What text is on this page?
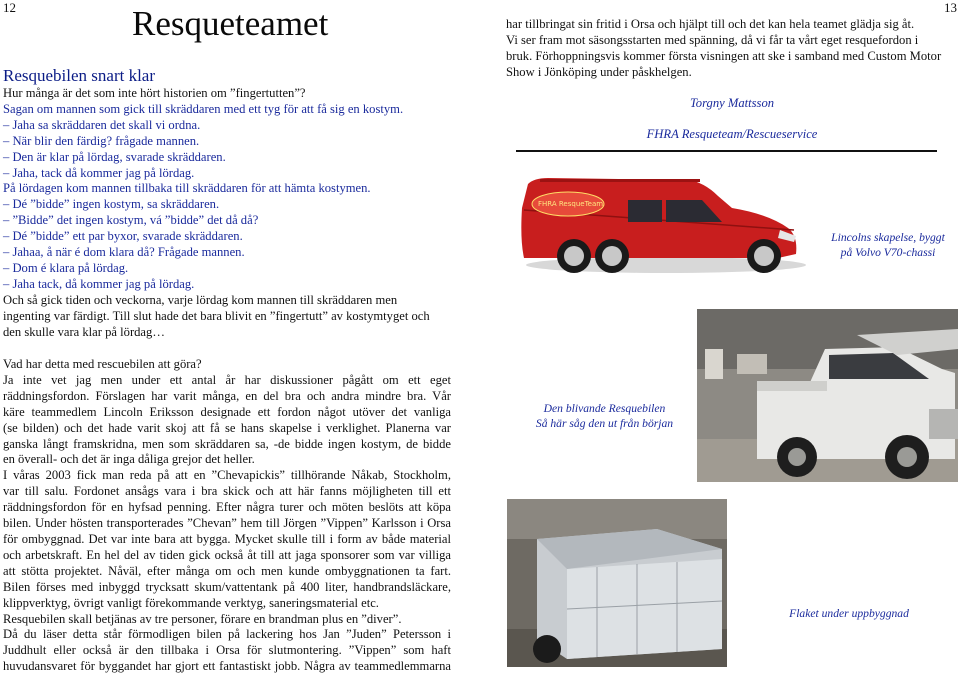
12	13
Resqueteamet
Resquebilen snart klar
Hur många är det som inte hört historien om ”fingertutten”?
Sagan om mannen som gick till skräddaren med ett tyg för att få sig en kostym.
– Jaha sa skräddaren det skall vi ordna.
– När blir den färdig? frågade mannen.
– Den är klar på lördag, svarade skräddaren.
– Jaha, tack då kommer jag på lördag.
På lördagen kom mannen tillbaka till skräddaren för att hämta kostymen.
– Dé ”bidde” ingen kostym, sa skräddaren.
– ”Bidde” det ingen kostym, vá ”bidde” det då då?
– Dé ”bidde” ett par byxor, svarade skräddaren.
– Jahaa, å när é dom klara då? Frågade mannen.
– Dom é klara på lördag.
– Jaha tack, då kommer jag på lördag.
Och så gick tiden och veckorna, varje lördag kom mannen till skräddaren men
ingenting var färdigt. Till slut hade det bara blivit en ”fingertutt” av kostymtyget och
den skulle vara klar på lördag…
Vad har detta med rescuebilen att göra?
Ja inte vet jag men under ett antal år har diskussioner pågått om ett eget
räddningsfordon. Förslagen har varit många, en del bra och andra mindre bra. Vår
käre teammedlem Lincoln Eriksson designade ett fordon något utöver det vanliga
(se bilden) och det hade varit skoj att få se hans skapelse i verklighet. Planerna var
ganska långt framskridna, men som skräddaren sa, -de bidde ingen kostym, de bidde
en överall- och det är inga dåliga grejor det heller.
I våras 2003 fick man reda på att en ”Chevapickis” tillhörande Nåkab, Stockholm,
var till salu. Fordonet ansågs vara i bra skick och att här fanns möjligheten till ett
räddningsfordon för en hyfsad penning. Efter några turer och möten beslöts att köpa
bilen. Under hösten transporterades ”Chevan” hem till Jörgen ”Vippen” Karlsson i Orsa
för ombyggnad. Det var inte bara att bygga. Mycket skulle till i form av både material
och arbetskraft. En hel del av tiden gick också åt till att jaga sponsorer som var villiga
att stötta projektet. Nåväl, efter många om och men kunde ombyggnationen ta fart.
Bilen förses med inbyggd trycksatt skum/vattentank på 400 liter, handbrandsläckare,
klippverktyg, övrigt vanligt förekommande verktyg, saneringsmaterial etc.
Resquebilen skall betjänas av tre personer, förare en brandman plus en ”diver”.
Då du läser detta står förmodligen bilen på lackering hos Jan ”Juden” Petersson i
Juddhult eller också är den tillbaka i Orsa för slutmontering. ”Vippen” som haft
huvudansvaret för byggandet har gjort ett fantastiskt jobb. Några av teammedlemmarna
har tillbringat sin fritid i Orsa och hjälpt till och det kan hela teamet glädja sig åt.
Vi ser fram mot säsongsstarten med spänning, då vi får ta vårt eget resquefordon i
bruk. Förhoppningsvis kommer första visningen att ske i samband med Custom Motor
Show i Jönköping under påskhelgen.
Torgny Mattsson
FHRA Resqueteam/Rescueservice
FHRA ResqueTeam
Lincolns skapelse, byggt
på Volvo V70-chassi
Den blivande Resquebilen
Så här såg den ut från början
Flaket under uppbyggnad
